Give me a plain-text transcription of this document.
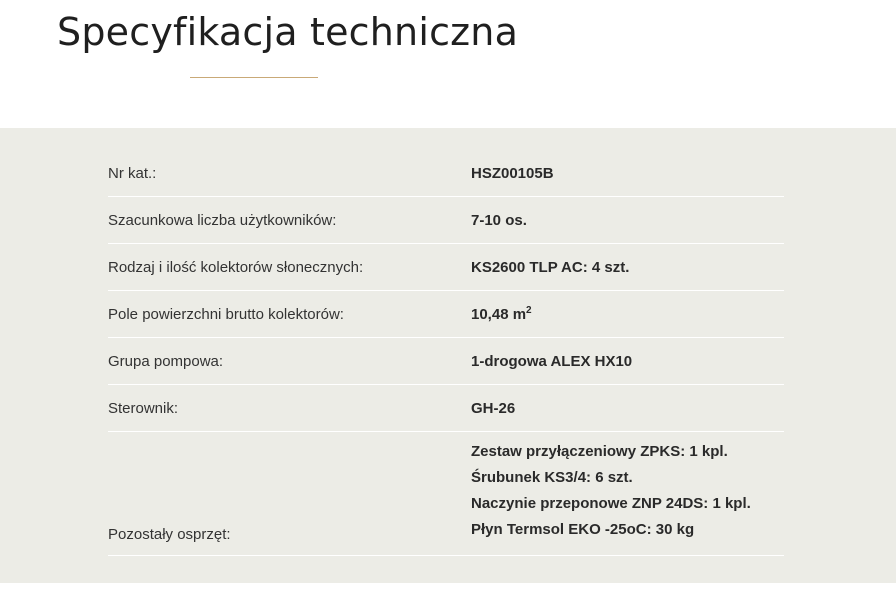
Specyfikacja techniczna
Nr kat.:	HSZ00105B
Szacunkowa liczba użytkowników:	7-10 os.
Rodzaj i ilość kolektorów słonecznych:	KS2600 TLP AC: 4 szt.
Pole powierzchni brutto kolektorów:	10,48 $m^2$
Grupa pompowa:	1-drogowa ALEX HX10
Sterownik:	GH-26
Pozostały osprzęt:
Zestaw przyłączeniowy ZPKS: 1 kpl.
Śrubunek KS3/4: 6 szt.
Naczynie przeponowe ZNP 24DS: 1 kpl.
Płyn Termsol EKO -25oC: 30 kg
